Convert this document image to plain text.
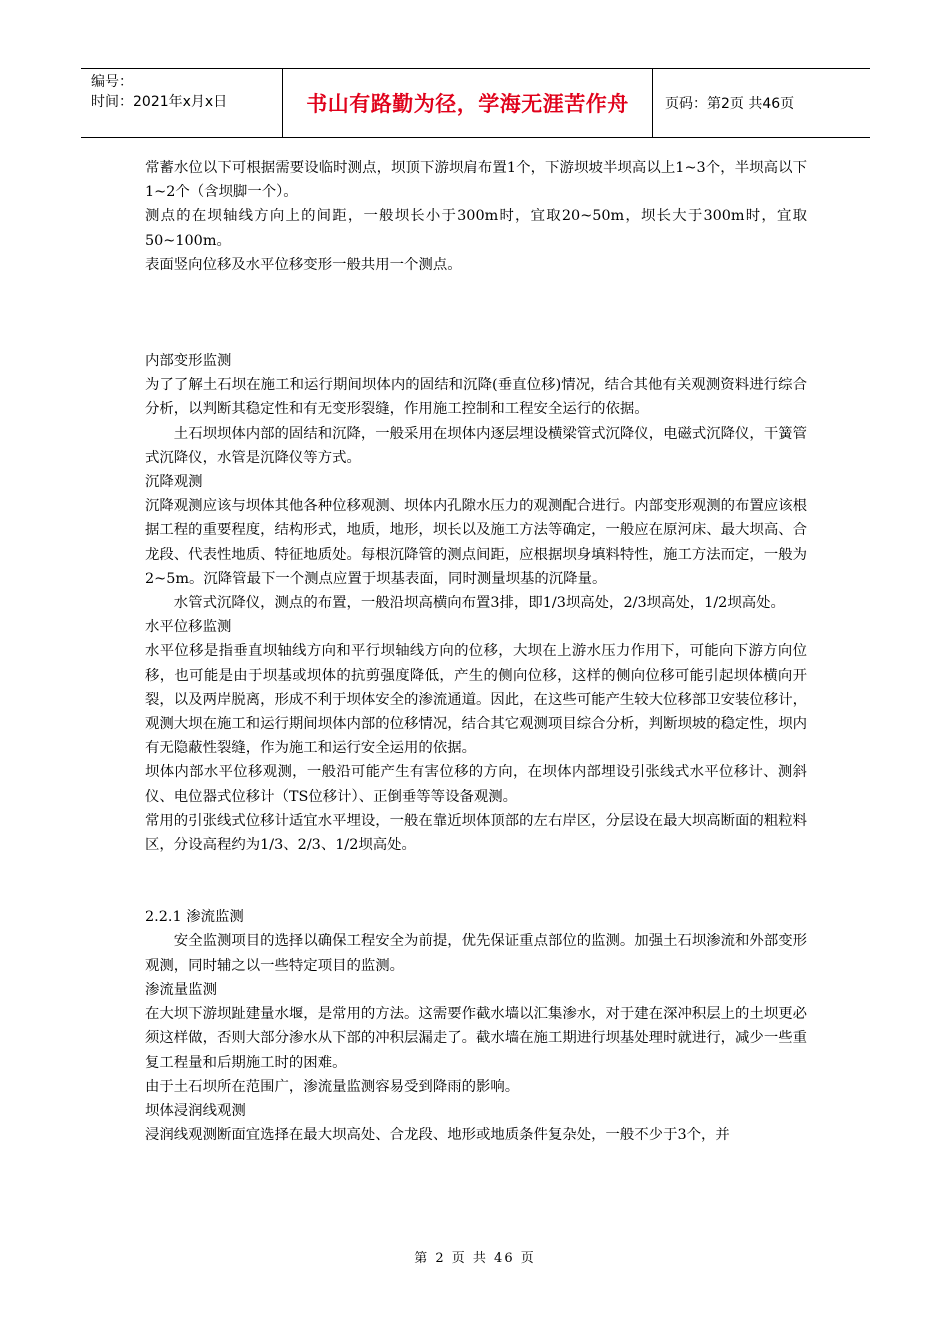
编号：
时间：2021年x月x日	书山有路勤为径，学海无涯苦作舟	页码：第2页 共46页

常蓄水位以下可根据需要设临时测点，坝顶下游坝肩布置1个，下游坝坡半坝高以上1~3个，半坝高以下1~2个（含坝脚一个）。

测点的在坝轴线方向上的间距，一般坝长小于300m时，宜取20~50m，坝长大于300m时，宜取50~100m。

表面竖向位移及水平位移变形一般共用一个测点。

内部变形监测

为了了解土石坝在施工和运行期间坝体内的固结和沉降(垂直位移)情况，结合其他有关观测资料进行综合分析，以判断其稳定性和有无变形裂缝，作用施工控制和工程安全运行的依据。

土石坝坝体内部的固结和沉降，一般采用在坝体内逐层埋设横梁管式沉降仪，电磁式沉降仪，干簧管式沉降仪，水管是沉降仪等方式。

沉降观测

沉降观测应该与坝体其他各种位移观测、坝体内孔隙水压力的观测配合进行。内部变形观测的布置应该根据工程的重要程度，结构形式，地质，地形，坝长以及施工方法等确定，一般应在原河床、最大坝高、合龙段、代表性地质、特征地质处。每根沉降管的测点间距，应根据坝身填料特性，施工方法而定，一般为2~5m。沉降管最下一个测点应置于坝基表面，同时测量坝基的沉降量。

水管式沉降仪，测点的布置，一般沿坝高横向布置3排，即1/3坝高处，2/3坝高处，1/2坝高处。

水平位移监测

水平位移是指垂直坝轴线方向和平行坝轴线方向的位移，大坝在上游水压力作用下，可能向下游方向位移，也可能是由于坝基或坝体的抗剪强度降低，产生的侧向位移，这样的侧向位移可能引起坝体横向开裂，以及两岸脱离，形成不利于坝体安全的渗流通道。因此，在这些可能产生较大位移部卫安装位移计，观测大坝在施工和运行期间坝体内部的位移情况，结合其它观测项目综合分析，判断坝坡的稳定性，坝内有无隐蔽性裂缝，作为施工和运行安全运用的依据。

坝体内部水平位移观测，一般沿可能产生有害位移的方向，在坝体内部埋设引张线式水平位移计、测斜仪、电位器式位移计（TS位移计）、正倒垂等等设备观测。

常用的引张线式位移计适宜水平埋设，一般在靠近坝体顶部的左右岸区，分层设在最大坝高断面的粗粒料区，分设高程约为1/3、2/3、1/2坝高处。

2.2.1 渗流监测

安全监测项目的选择以确保工程安全为前提，优先保证重点部位的监测。加强土石坝渗流和外部变形观测，同时辅之以一些特定项目的监测。

渗流量监测

在大坝下游坝趾建量水堰，是常用的方法。这需要作截水墙以汇集渗水，对于建在深冲积层上的土坝更必须这样做，否则大部分渗水从下部的冲积层漏走了。截水墙在施工期进行坝基处理时就进行，减少一些重复工程量和后期施工时的困难。

由于土石坝所在范围广，渗流量监测容易受到降雨的影响。

坝体浸润线观测

浸润线观测断面宜选择在最大坝高处、合龙段、地形或地质条件复杂处，一般不少于3个，并

第 2 页 共 46 页
